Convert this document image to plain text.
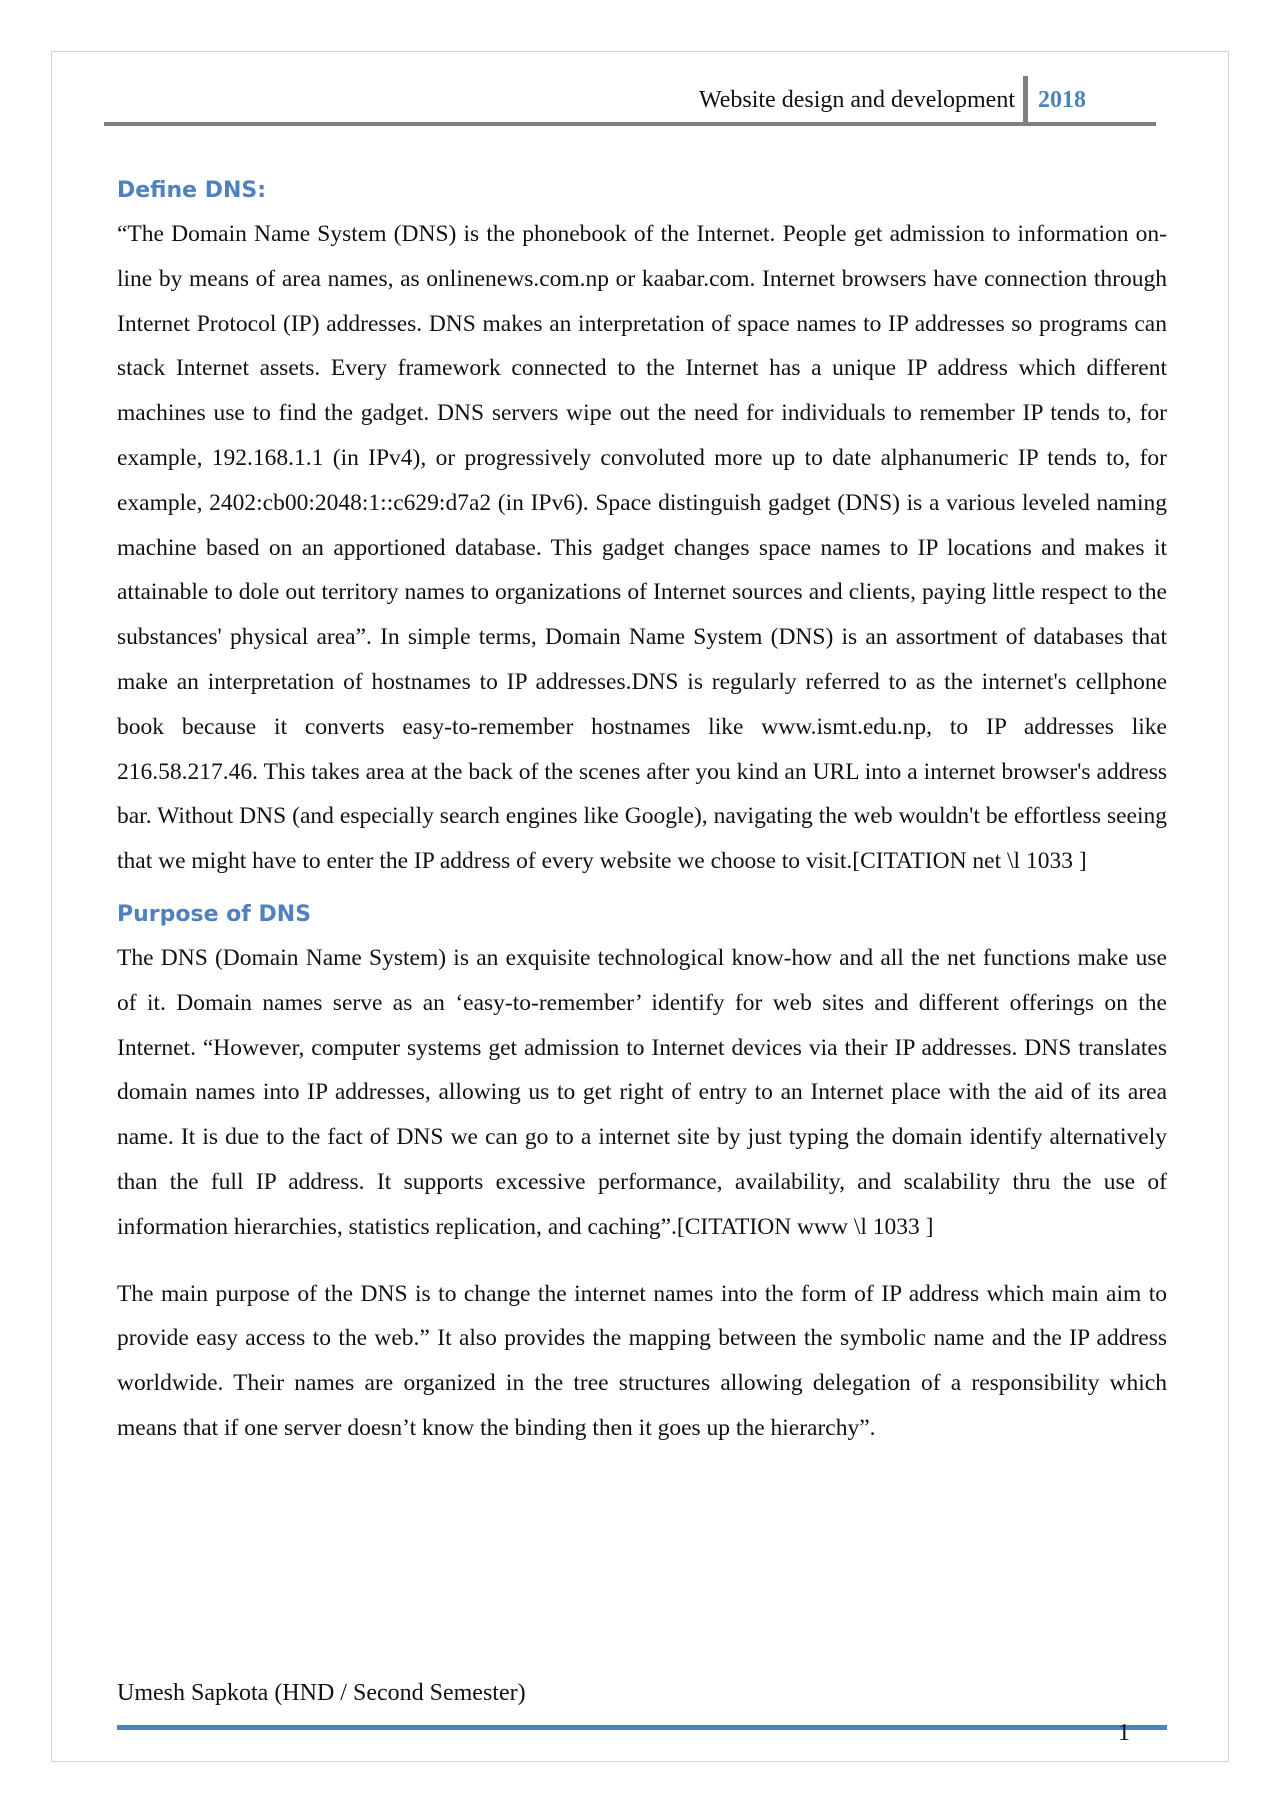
Website design and development 2018
Define DNS:

“The Domain Name System (DNS) is the phonebook of the Internet. People get admission to information on-line by means of area names, as onlinenews.com.np or kaabar.com. Internet browsers have connection through Internet Protocol (IP) addresses. DNS makes an interpretation of space names to IP addresses so programs can stack Internet assets. Every framework connected to the Internet has a unique IP address which different machines use to find the gadget. DNS servers wipe out the need for individuals to remember IP tends to, for example, 192.168.1.1 (in IPv4), or progressively convoluted more up to date alphanumeric IP tends to, for example, 2402:cb00:2048:1::c629:d7a2 (in IPv6). Space distinguish gadget (DNS) is a various leveled naming machine based on an apportioned database. This gadget changes space names to IP locations and makes it attainable to dole out territory names to organizations of Internet sources and clients, paying little respect to the substances' physical area”. In simple terms, Domain Name System (DNS) is an assortment of databases that make an interpretation of hostnames to IP addresses.DNS is regularly referred to as the internet's cellphone book because it converts easy-to-remember hostnames like www.ismt.edu.np, to IP addresses like 216.58.217.46. This takes area at the back of the scenes after you kind an URL into a internet browser's address bar. Without DNS (and especially search engines like Google), navigating the web wouldn't be effortless seeing that we might have to enter the IP address of every website we choose to visit.[CITATION net \l 1033 ]

Purpose of DNS

The DNS (Domain Name System) is an exquisite technological know-how and all the net functions make use of it. Domain names serve as an ‘easy-to-remember’ identify for web sites and different offerings on the Internet. “However, computer systems get admission to Internet devices via their IP addresses. DNS translates domain names into IP addresses, allowing us to get right of entry to an Internet place with the aid of its area name. It is due to the fact of DNS we can go to a internet site by just typing the domain identify alternatively than the full IP address. It supports excessive performance, availability, and scalability thru the use of information hierarchies, statistics replication, and caching”.[CITATION www \l 1033 ]

The main purpose of the DNS is to change the internet names into the form of IP address which main aim to provide easy access to the web.” It also provides the mapping between the symbolic name and the IP address worldwide. Their names are organized in the tree structures allowing delegation of a responsibility which means that if one server doesn’t know the binding then it goes up the hierarchy”.

Umesh Sapkota (HND / Second Semester)
1
